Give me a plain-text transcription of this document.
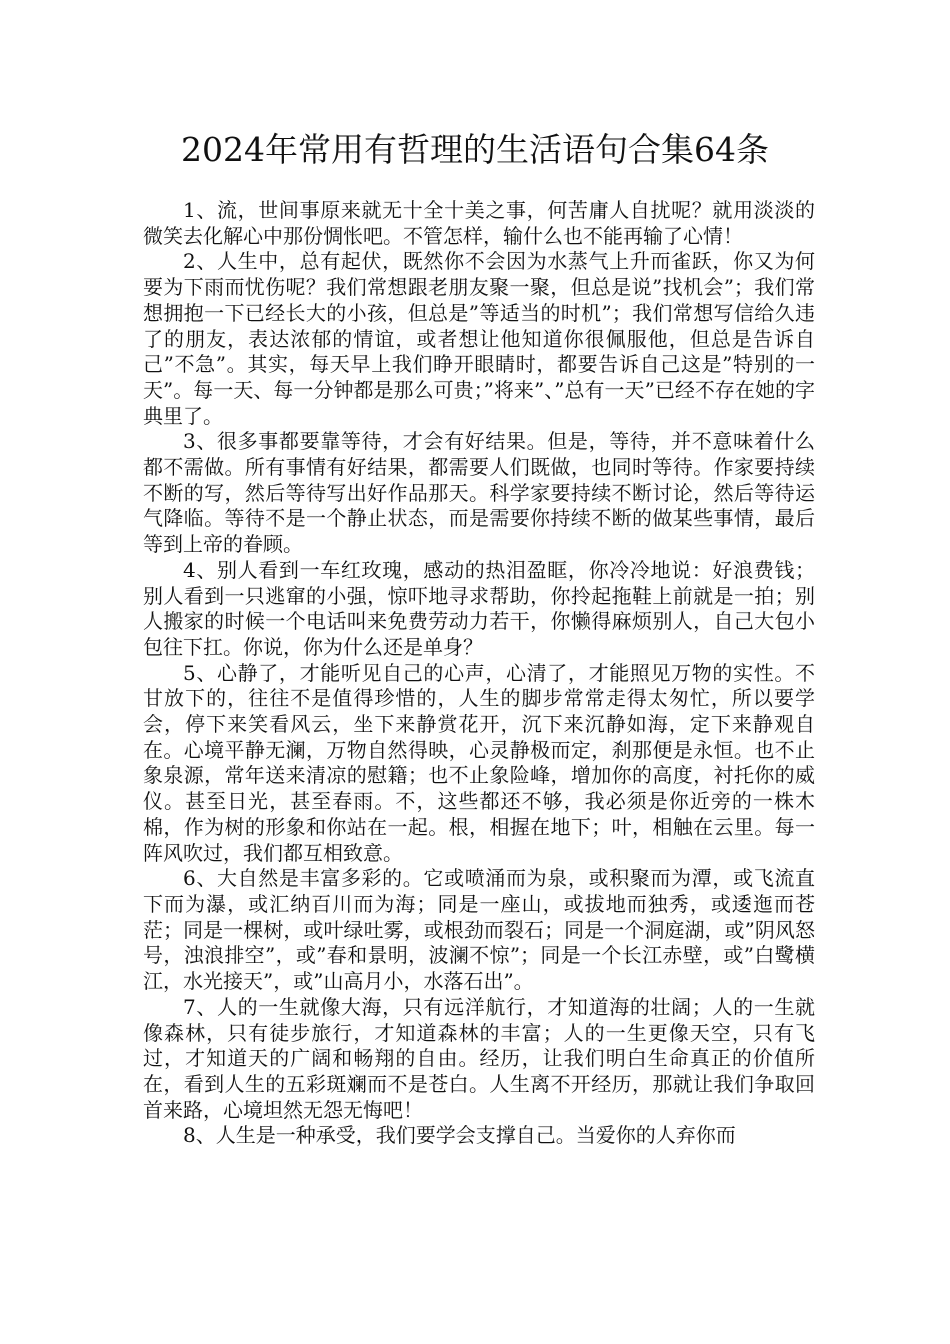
2024年常用有哲理的生活语句合集64条

1、流，世间事原来就无十全十美之事，何苦庸人自扰呢？就用淡淡的微笑去化解心中那份惆怅吧。不管怎样，输什么也不能再输了心情！

2、人生中，总有起伏，既然你不会因为水蒸气上升而雀跃，你又为何要为下雨而忧伤呢？我们常想跟老朋友聚一聚，但总是说”找机会”；我们常想拥抱一下已经长大的小孩，但总是”等适当的时机”；我们常想写信给久违了的朋友，表达浓郁的情谊，或者想让他知道你很佩服他，但总是告诉自己”不急”。其实，每天早上我们睁开眼睛时，都要告诉自己这是”特别的一天”。每一天、每一分钟都是那么可贵；”将来”、”总有一天”已经不存在她的字典里了。

3、很多事都要靠等待，才会有好结果。但是，等待，并不意味着什么都不需做。所有事情有好结果，都需要人们既做，也同时等待。作家要持续不断的写，然后等待写出好作品那天。科学家要持续不断讨论，然后等待运气降临。等待不是一个静止状态，而是需要你持续不断的做某些事情，最后等到上帝的眷顾。

4、别人看到一车红玫瑰，感动的热泪盈眶，你冷冷地说：好浪费钱；别人看到一只逃窜的小强，惊吓地寻求帮助，你拎起拖鞋上前就是一拍；别人搬家的时候一个电话叫来免费劳动力若干，你懒得麻烦别人，自己大包小包往下扛。你说，你为什么还是单身？

5、心静了，才能听见自己的心声，心清了，才能照见万物的实性。不甘放下的，往往不是值得珍惜的，人生的脚步常常走得太匆忙，所以要学会，停下来笑看风云，坐下来静赏花开，沉下来沉静如海，定下来静观自在。心境平静无澜，万物自然得映，心灵静极而定，刹那便是永恒。也不止象泉源，常年送来清凉的慰籍；也不止象险峰，增加你的高度，衬托你的威仪。甚至日光，甚至春雨。不，这些都还不够，我必须是你近旁的一株木棉，作为树的形象和你站在一起。根，相握在地下；叶，相触在云里。每一阵风吹过，我们都互相致意。

6、大自然是丰富多彩的。它或喷涌而为泉，或积聚而为潭，或飞流直下而为瀑，或汇纳百川而为海；同是一座山，或拔地而独秀，或逶迤而苍茫；同是一棵树，或叶绿吐雾，或根劲而裂石；同是一个洞庭湖，或”阴风怒号，浊浪排空”，或”春和景明，波澜不惊”；同是一个长江赤壁，或”白鹭横江，水光接天”，或”山高月小，水落石出”。

7、人的一生就像大海，只有远洋航行，才知道海的壮阔；人的一生就像森林，只有徒步旅行，才知道森林的丰富；人的一生更像天空，只有飞过，才知道天的广阔和畅翔的自由。经历，让我们明白生命真正的价值所在，看到人生的五彩斑斓而不是苍白。人生离不开经历，那就让我们争取回首来路，心境坦然无怨无悔吧！

8、人生是一种承受，我们要学会支撑自己。当爱你的人弃你而
